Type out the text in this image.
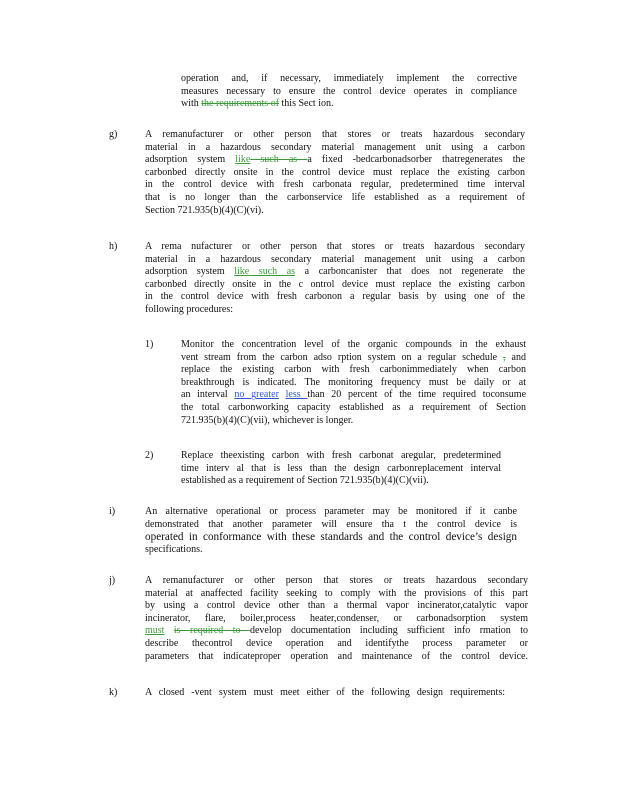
operation and, if necessary, immediately implement the corrective
measures necessary to ensure the control device operates in compliance
with the requirements of this Sect ion.
g)	A remanufacturer or other person that stores or treats hazardous secondary
material in a hazardous secondary material management unit using a carbon
adsorption system like such as a fixed -bedcarbonadsorber thatregenerates the
carbonbed directly onsite in the control device must replace the existing carbon
in the control device with fresh carbonata regular, predetermined time interval
that is no longer than the carbonservice life established as a requirement of
Section 721.935(b)(4)(C)(vi).
h)	A rema nufacturer or other person that stores or treats hazardous secondary
material in a hazardous secondary material management unit using a carbon
adsorption system like such as a carboncanister that does not regenerate the
carbonbed directly onsite in the c ontrol device must replace the existing carbon
in the control device with fresh carbonon a regular basis by using one of the
following procedures:
1)	Monitor the concentration level of the organic compounds in the exhaust
vent stream from the carbon adso rption system on a regular schedule , and
replace the existing carbon with fresh carbonimmediately when carbon
breakthrough is indicated. The monitoring frequency must be daily or at
an interval no greater less than 20 percent of the time required toconsume
the total carbonworking capacity established as a requirement of Section
721.935(b)(4)(C)(vii), whichever is longer.
2)	Replace theexisting carbon with fresh carbonat aregular, predetermined
time interv al that is less than the design carbonreplacement interval
established as a requirement of Section 721.935(b)(4)(C)(vii).
i)	An alternative operational or process parameter may be monitored if it canbe
demonstrated that another parameter will ensure tha t the control device is
operated in conformance with these standards and the control device’s design
specifications.
j)	A remanufacturer or other person that stores or treats hazardous secondary
material at anaffected facility seeking to comply with the provisions of this part
by using a control device other than a thermal vapor incinerator,catalytic vapor
incinerator, flare, boiler,process heater,condenser, or carbonadsorption system
must is required to develop documentation including sufficient info rmation to
describe thecontrol device operation and identifythe process parameter or
parameters that indicateproper operation and maintenance of the control device.
k)	A closed -vent system must meet either of the following design requirements:
